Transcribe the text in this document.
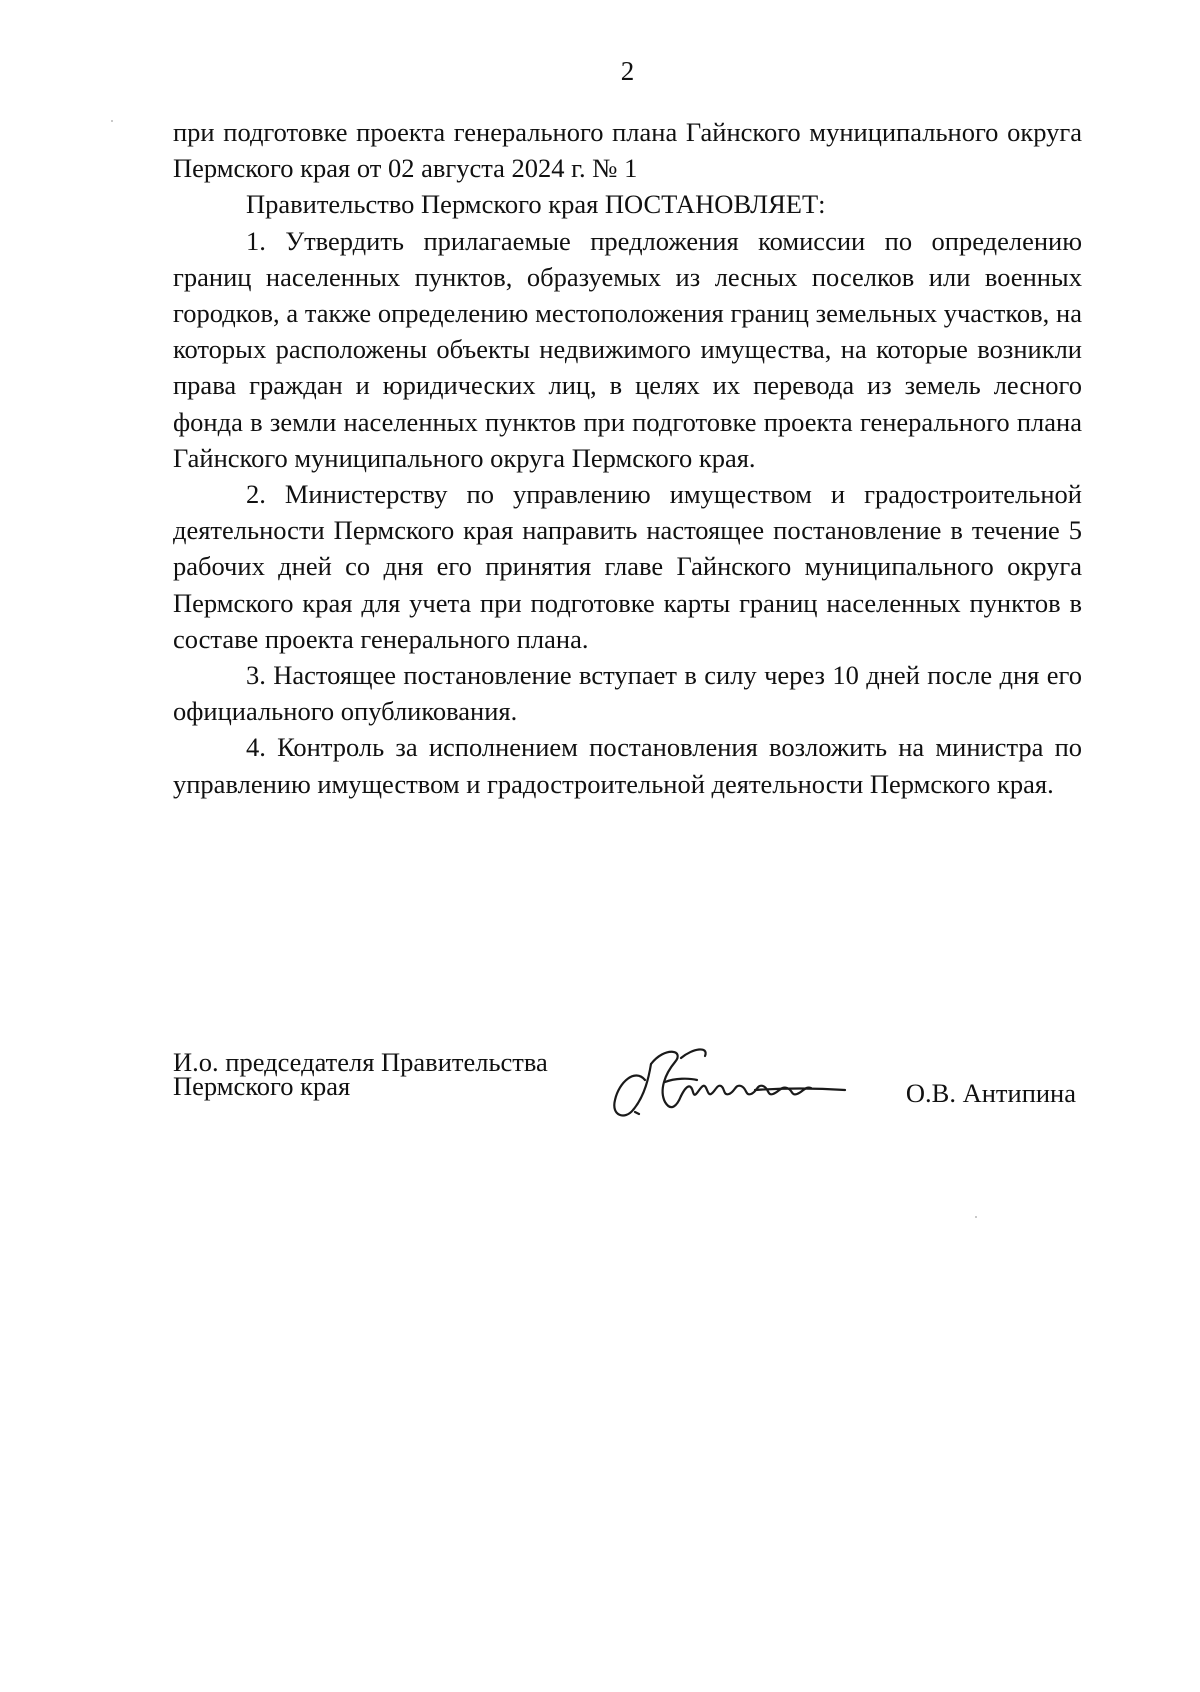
2

при подготовке проекта генерального плана Гайнского муниципального округа Пермского края от 02 августа 2024 г. № 1

Правительство Пермского края ПОСТАНОВЛЯЕТ:

1. Утвердить прилагаемые предложения комиссии по определению границ населенных пунктов, образуемых из лесных поселков или военных городков, а также определению местоположения границ земельных участков, на которых расположены объекты недвижимого имущества, на которые возникли права граждан и юридических лиц, в целях их перевода из земель лесного фонда в земли населенных пунктов при подготовке проекта генерального плана Гайнского муниципального округа Пермского края.

2. Министерству по управлению имуществом и градостроительной деятельности Пермского края направить настоящее постановление в течение 5 рабочих дней со дня его принятия главе Гайнского муниципального округа Пермского края для учета при подготовке карты границ населенных пунктов в составе проекта генерального плана.

3. Настоящее постановление вступает в силу через 10 дней после дня его официального опубликования.

4. Контроль за исполнением постановления возложить на министра по управлению имуществом и градостроительной деятельности Пермского края.

И.о. председателя Правительства
Пермского края	О.В. Антипина
